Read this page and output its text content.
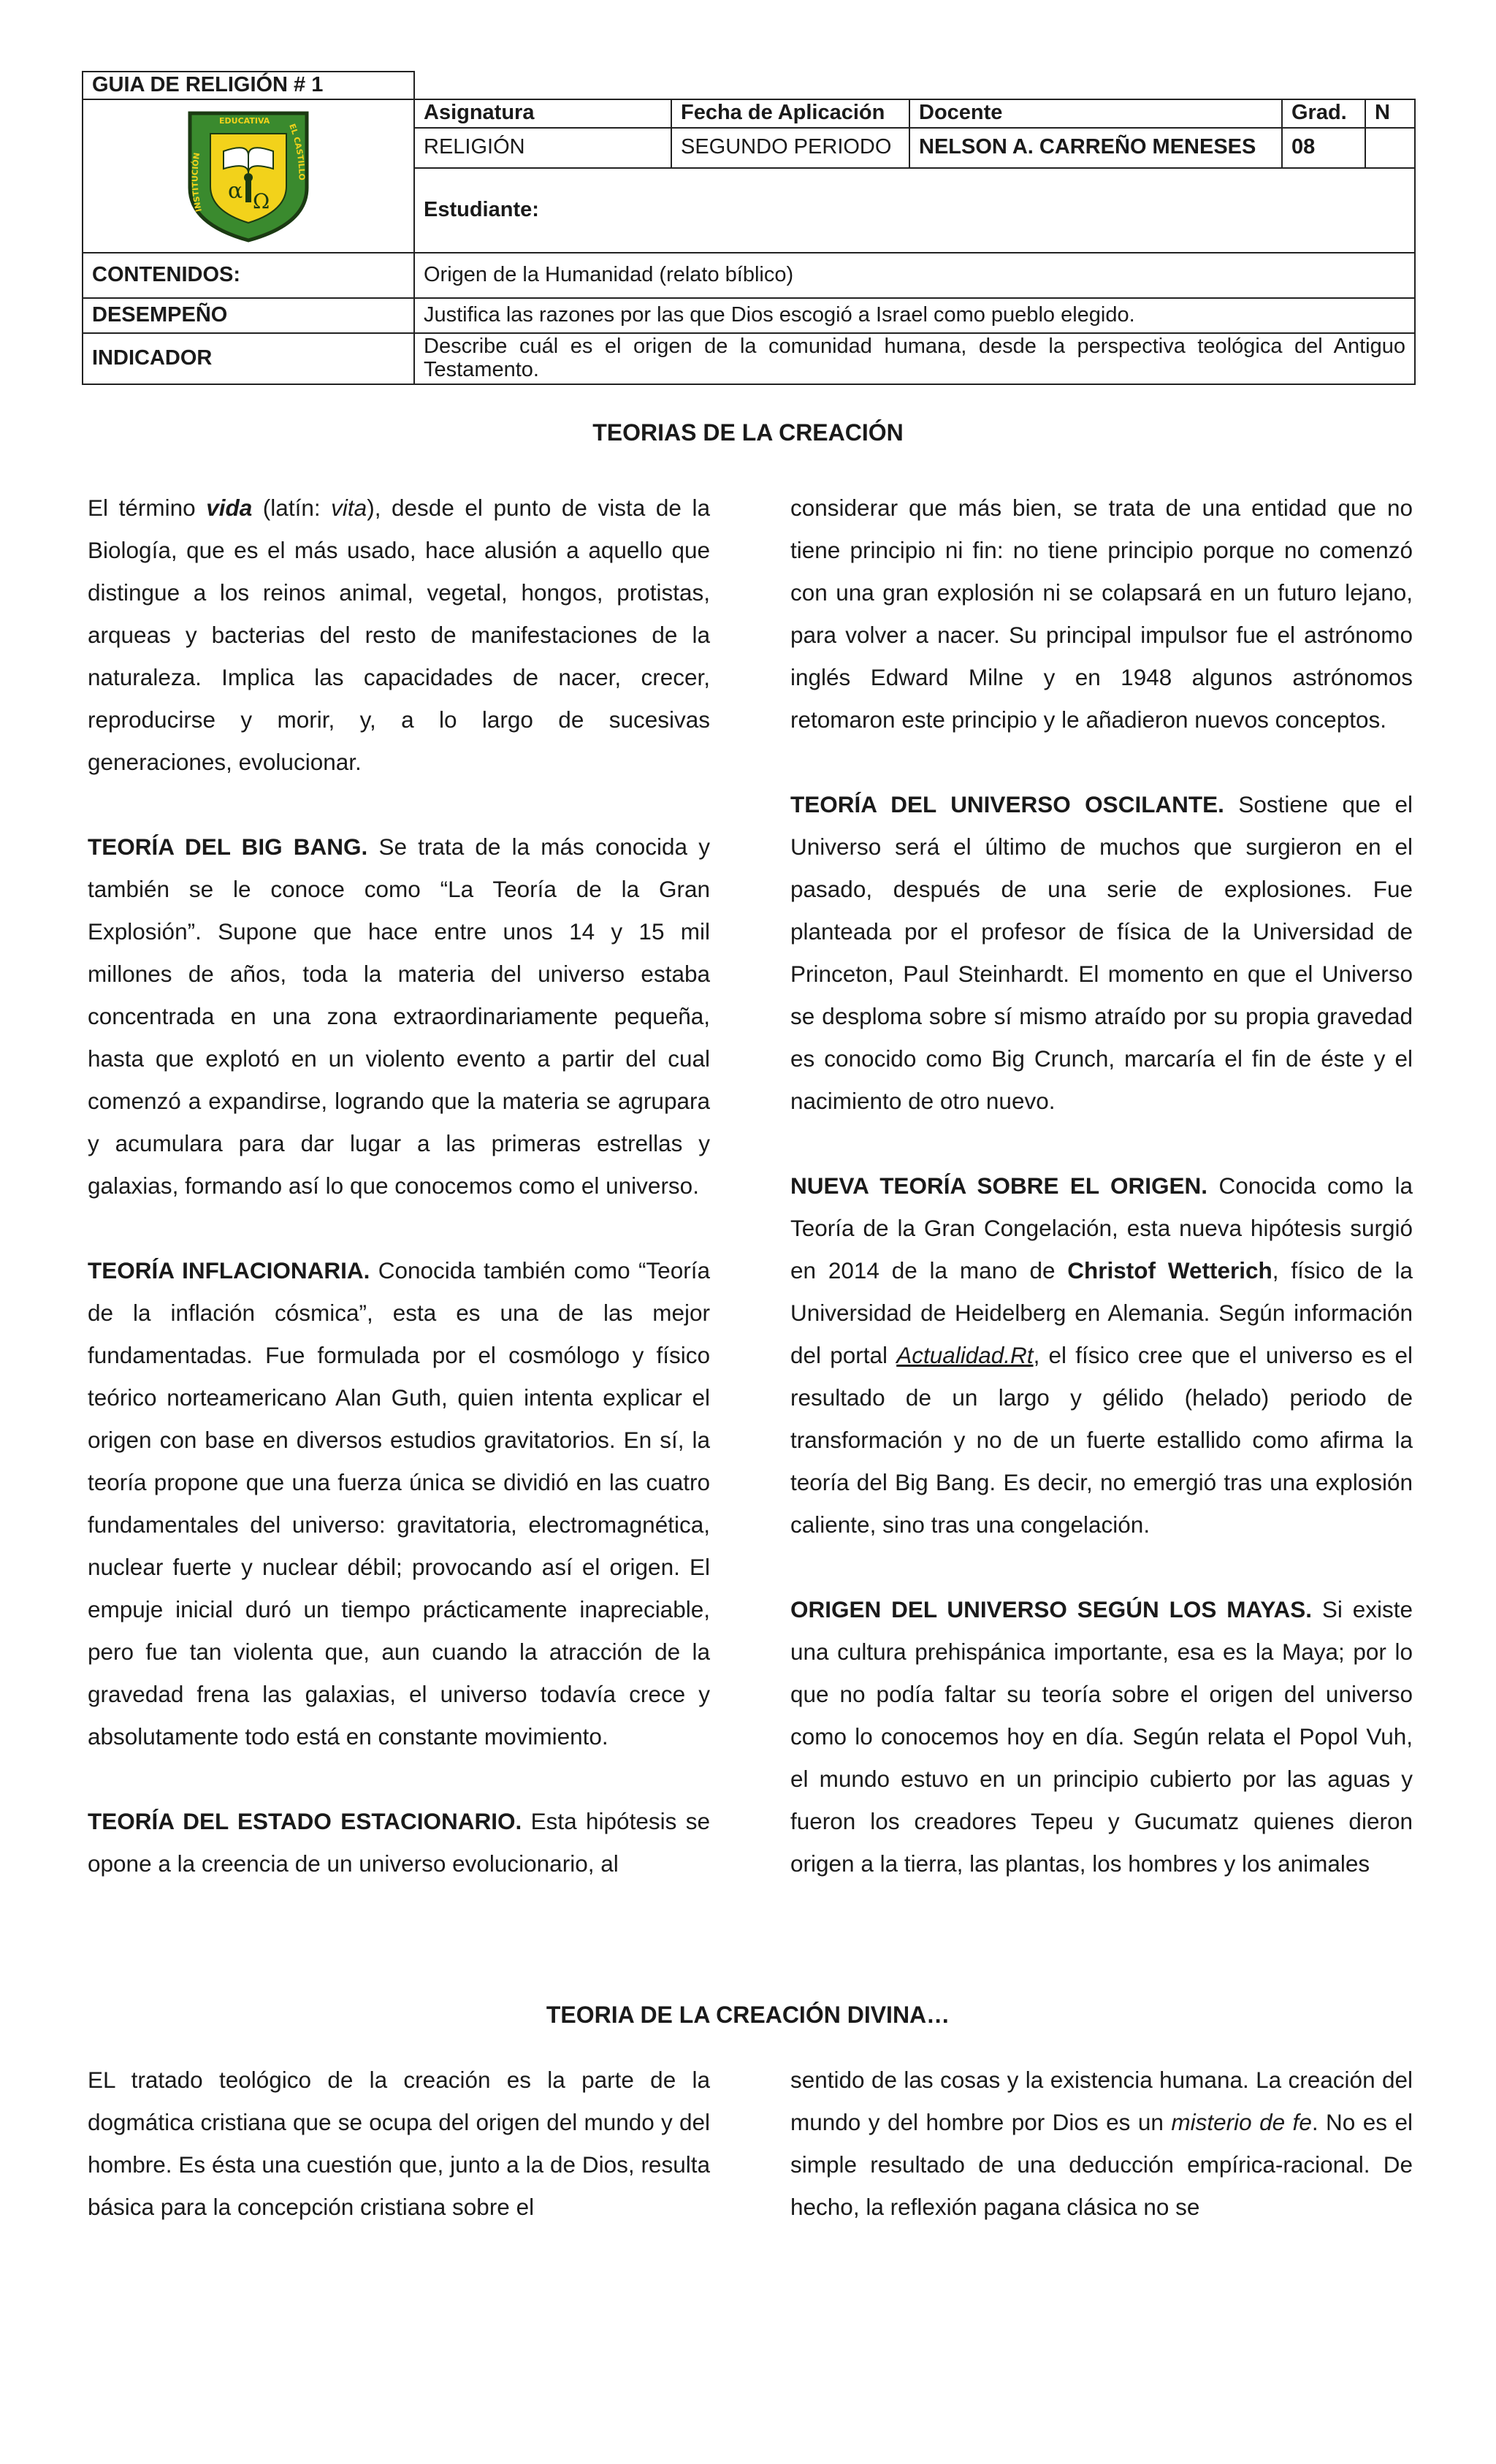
GUIA DE RELIGIÓN # 1					

INSTITUCIÓN
EDUCATIVA
EL CASTILLO
α Ω	Asignatura	Fecha de Aplicación	Docente	Grad.	N
	RELIGIÓN	SEGUNDO PERIODO	NELSON A. CARREÑO MENESES	08	
	Estudiante:				
CONTENIDOS:	Origen de la Humanidad (relato bíblico)				
DESEMPEÑO	Justifica las razones por las que Dios escogió a Israel como pueblo elegido.				
INDICADOR	Describe cuál es el origen de la comunidad humana, desde la perspectiva teológica del Antiguo Testamento.				
TEORIAS DE LA CREACIÓN

El término vida (latín: vita), desde el punto de vista de la Biología, que es el más usado, hace alusión a aquello que distingue a los reinos animal, vegetal, hongos, protistas, arqueas y bacterias del resto de manifestaciones de la naturaleza. Implica las capacidades de nacer, crecer, reproducirse y morir, y, a lo largo de sucesivas generaciones, evolucionar.

TEORÍA DEL BIG BANG. Se trata de la más conocida y también se le conoce como “La Teoría de la Gran Explosión”. Supone que hace entre unos 14 y 15 mil millones de años, toda la materia del universo estaba concentrada en una zona extraordinariamente pequeña, hasta que explotó en un violento evento a partir del cual comenzó a expandirse, logrando que la materia se agrupara y acumulara para dar lugar a las primeras estrellas y galaxias, formando así lo que conocemos como el universo.

TEORÍA INFLACIONARIA. Conocida también como “Teoría de la inflación cósmica”, esta es una de las mejor fundamentadas. Fue formulada por el cosmólogo y físico teórico norteamericano Alan Guth, quien intenta explicar el origen con base en diversos estudios gravitatorios. En sí, la teoría propone que una fuerza única se dividió en las cuatro fundamentales del universo: gravitatoria, electromagnética, nuclear fuerte y nuclear débil; provocando así el origen. El empuje inicial duró un tiempo prácticamente inapreciable, pero fue tan violenta que, aun cuando la atracción de la gravedad frena las galaxias, el universo todavía crece y absolutamente todo está en constante movimiento.

TEORÍA DEL ESTADO ESTACIONARIO. Esta hipótesis se opone a la creencia de un universo evolucionario, al

considerar que más bien, se trata de una entidad que no tiene principio ni fin: no tiene principio porque no comenzó con una gran explosión ni se colapsará en un futuro lejano, para volver a nacer. Su principal impulsor fue el astrónomo inglés Edward Milne y en 1948 algunos astrónomos retomaron este principio y le añadieron nuevos conceptos.

TEORÍA DEL UNIVERSO OSCILANTE. Sostiene que el Universo será el último de muchos que surgieron en el pasado, después de una serie de explosiones. Fue planteada por el profesor de física de la Universidad de Princeton, Paul Steinhardt. El momento en que el Universo se desploma sobre sí mismo atraído por su propia gravedad es conocido como Big Crunch, marcaría el fin de éste y el nacimiento de otro nuevo.

NUEVA TEORÍA SOBRE EL ORIGEN. Conocida como la Teoría de la Gran Congelación, esta nueva hipótesis surgió en 2014 de la mano de Christof Wetterich, físico de la Universidad de Heidelberg en Alemania. Según información del portal Actualidad.Rt, el físico cree que el universo es el resultado de un largo y gélido (helado) periodo de transformación y no de un fuerte estallido como afirma la teoría del Big Bang. Es decir, no emergió tras una explosión caliente, sino tras una congelación.

ORIGEN DEL UNIVERSO SEGÚN LOS MAYAS. Si existe una cultura prehispánica importante, esa es la Maya; por lo que no podía faltar su teoría sobre el origen del universo como lo conocemos hoy en día. Según relata el Popol Vuh, el mundo estuvo en un principio cubierto por las aguas y fueron los creadores Tepeu y Gucumatz quienes dieron origen a la tierra, las plantas, los hombres y los animales

TEORIA DE LA CREACIÓN DIVINA…

EL tratado teológico de la creación es la parte de la dogmática cristiana que se ocupa del origen del mundo y del hombre. Es ésta una cuestión que, junto a la de Dios, resulta básica para la concepción cristiana sobre el

sentido de las cosas y la existencia humana. La creación del mundo y del hombre por Dios es un misterio de fe. No es el simple resultado de una deducción empírica-racional. De hecho, la reflexión pagana clásica no se
